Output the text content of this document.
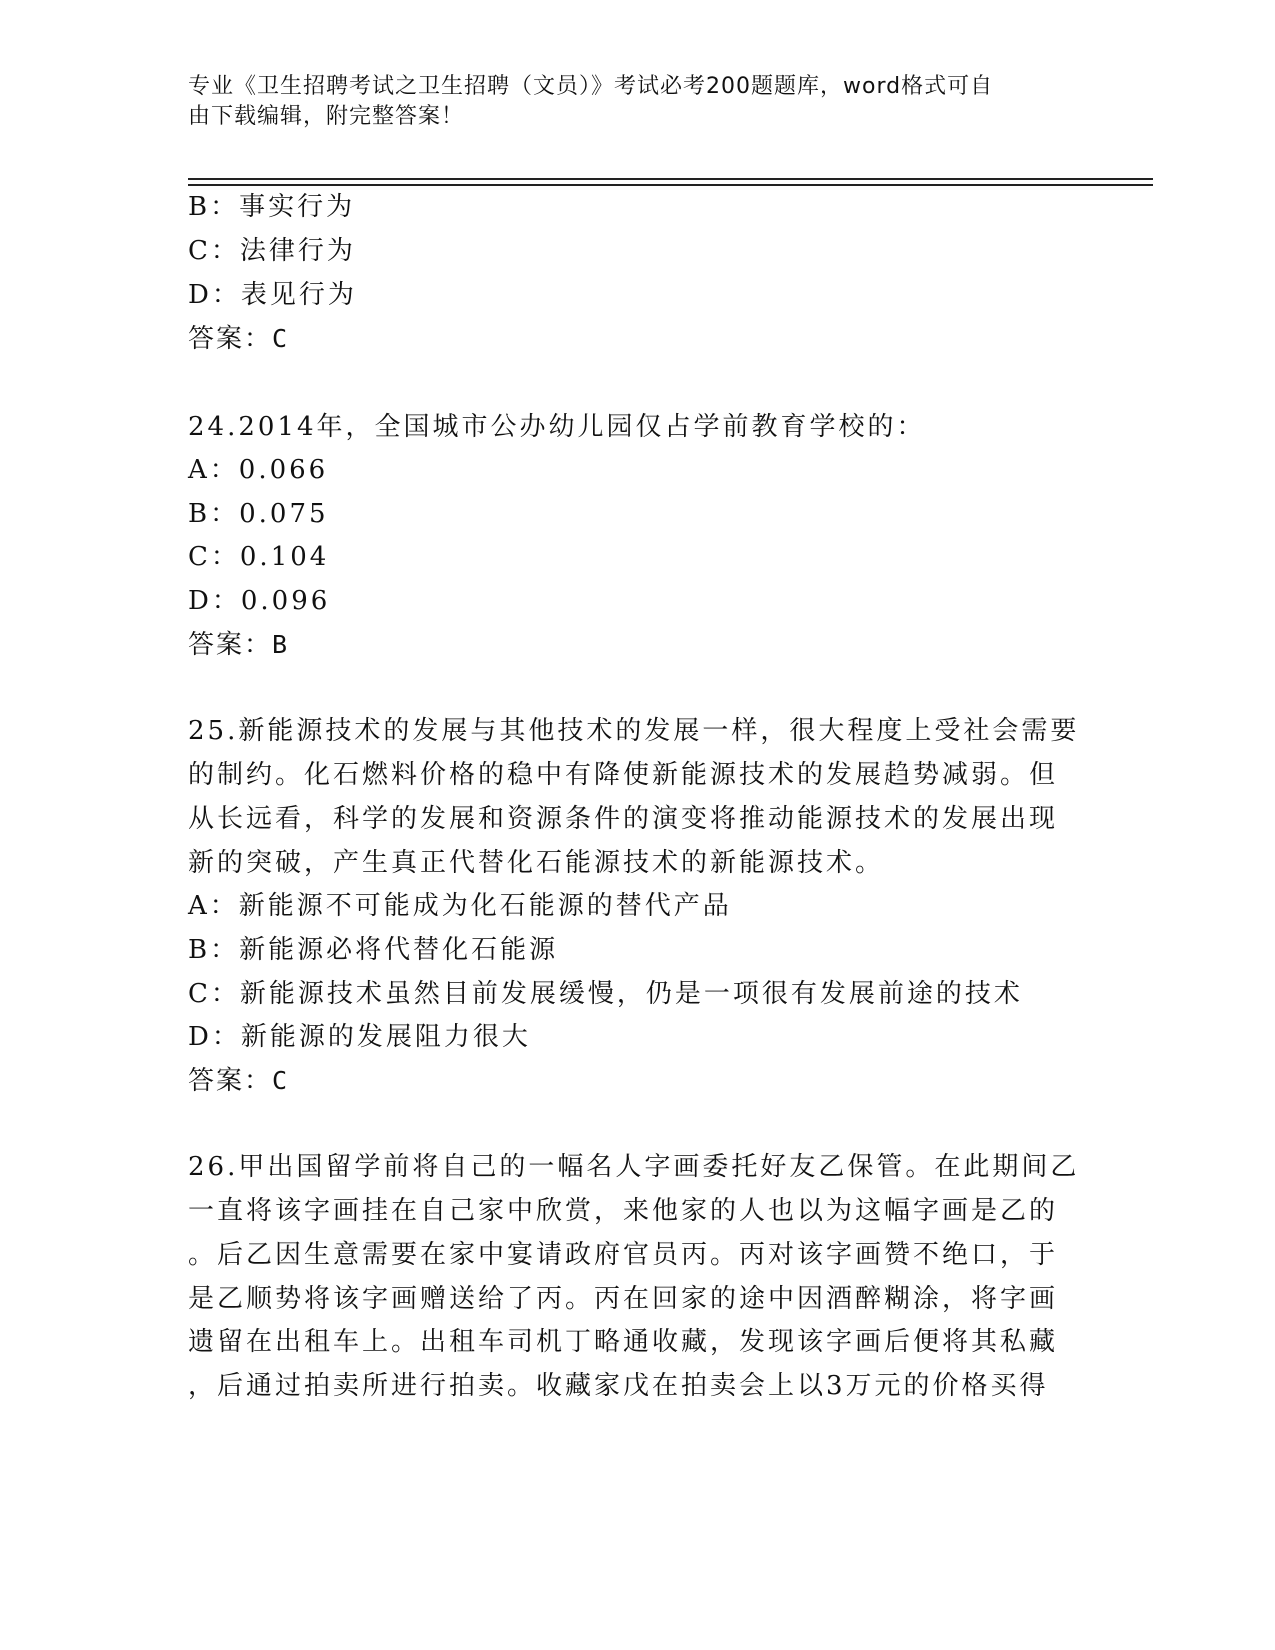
专业《卫生招聘考试之卫生招聘（文员）》考试必考200题题库，word格式可自
由下载编辑，附完整答案！
B：事实行为
C：法律行为
D：表见行为
答案：C
24.2014年，全国城市公办幼儿园仅占学前教育学校的：
A：0.066
B：0.075
C：0.104
D：0.096
答案：B
25.新能源技术的发展与其他技术的发展一样，很大程度上受社会需要
的制约。化石燃料价格的稳中有降使新能源技术的发展趋势减弱。但
从长远看，科学的发展和资源条件的演变将推动能源技术的发展出现
新的突破，产生真正代替化石能源技术的新能源技术。
A：新能源不可能成为化石能源的替代产品
B：新能源必将代替化石能源
C：新能源技术虽然目前发展缓慢，仍是一项很有发展前途的技术
D：新能源的发展阻力很大
答案：C
26.甲出国留学前将自己的一幅名人字画委托好友乙保管。在此期间乙
一直将该字画挂在自己家中欣赏，来他家的人也以为这幅字画是乙的
。后乙因生意需要在家中宴请政府官员丙。丙对该字画赞不绝口，于
是乙顺势将该字画赠送给了丙。丙在回家的途中因酒醉糊涂，将字画
遗留在出租车上。出租车司机丁略通收藏，发现该字画后便将其私藏
，后通过拍卖所进行拍卖。收藏家戊在拍卖会上以3万元的价格买得
